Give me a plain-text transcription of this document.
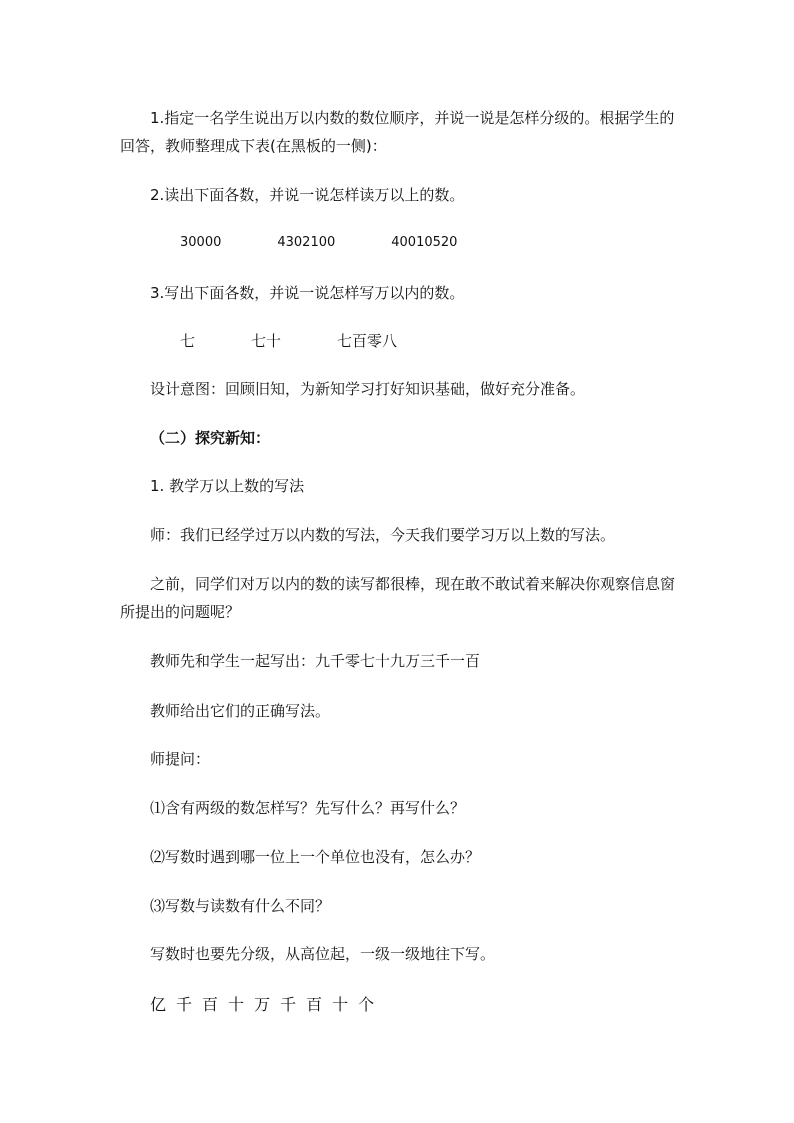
1.指定一名学生说出万以内数的数位顺序，并说一说是怎样分级的。根据学生的回答，教师整理成下表(在黑板的一侧)：

2.读出下面各数，并说一说怎样读万以上的数。

30000	4302100	40010520

3.写出下面各数，并说一说怎样写万以内的数。

七	七十	七百零八

设计意图：回顾旧知，为新知学习打好知识基础，做好充分准备。

（二）探究新知：

1. 教学万以上数的写法

师：我们已经学过万以内数的写法，今天我们要学习万以上数的写法。

之前，同学们对万以内的数的读写都很棒，现在敢不敢试着来解决你观察信息窗所提出的问题呢？

教师先和学生一起写出：九千零七十九万三千一百

教师给出它们的正确写法。

师提问：

⑴含有两级的数怎样写？先写什么？再写什么？

⑵写数时遇到哪一位上一个单位也没有，怎么办？

⑶写数与读数有什么不同？

写数时也要先分级，从高位起，一级一级地往下写。

亿 千 百 十 万 千 百 十 个
